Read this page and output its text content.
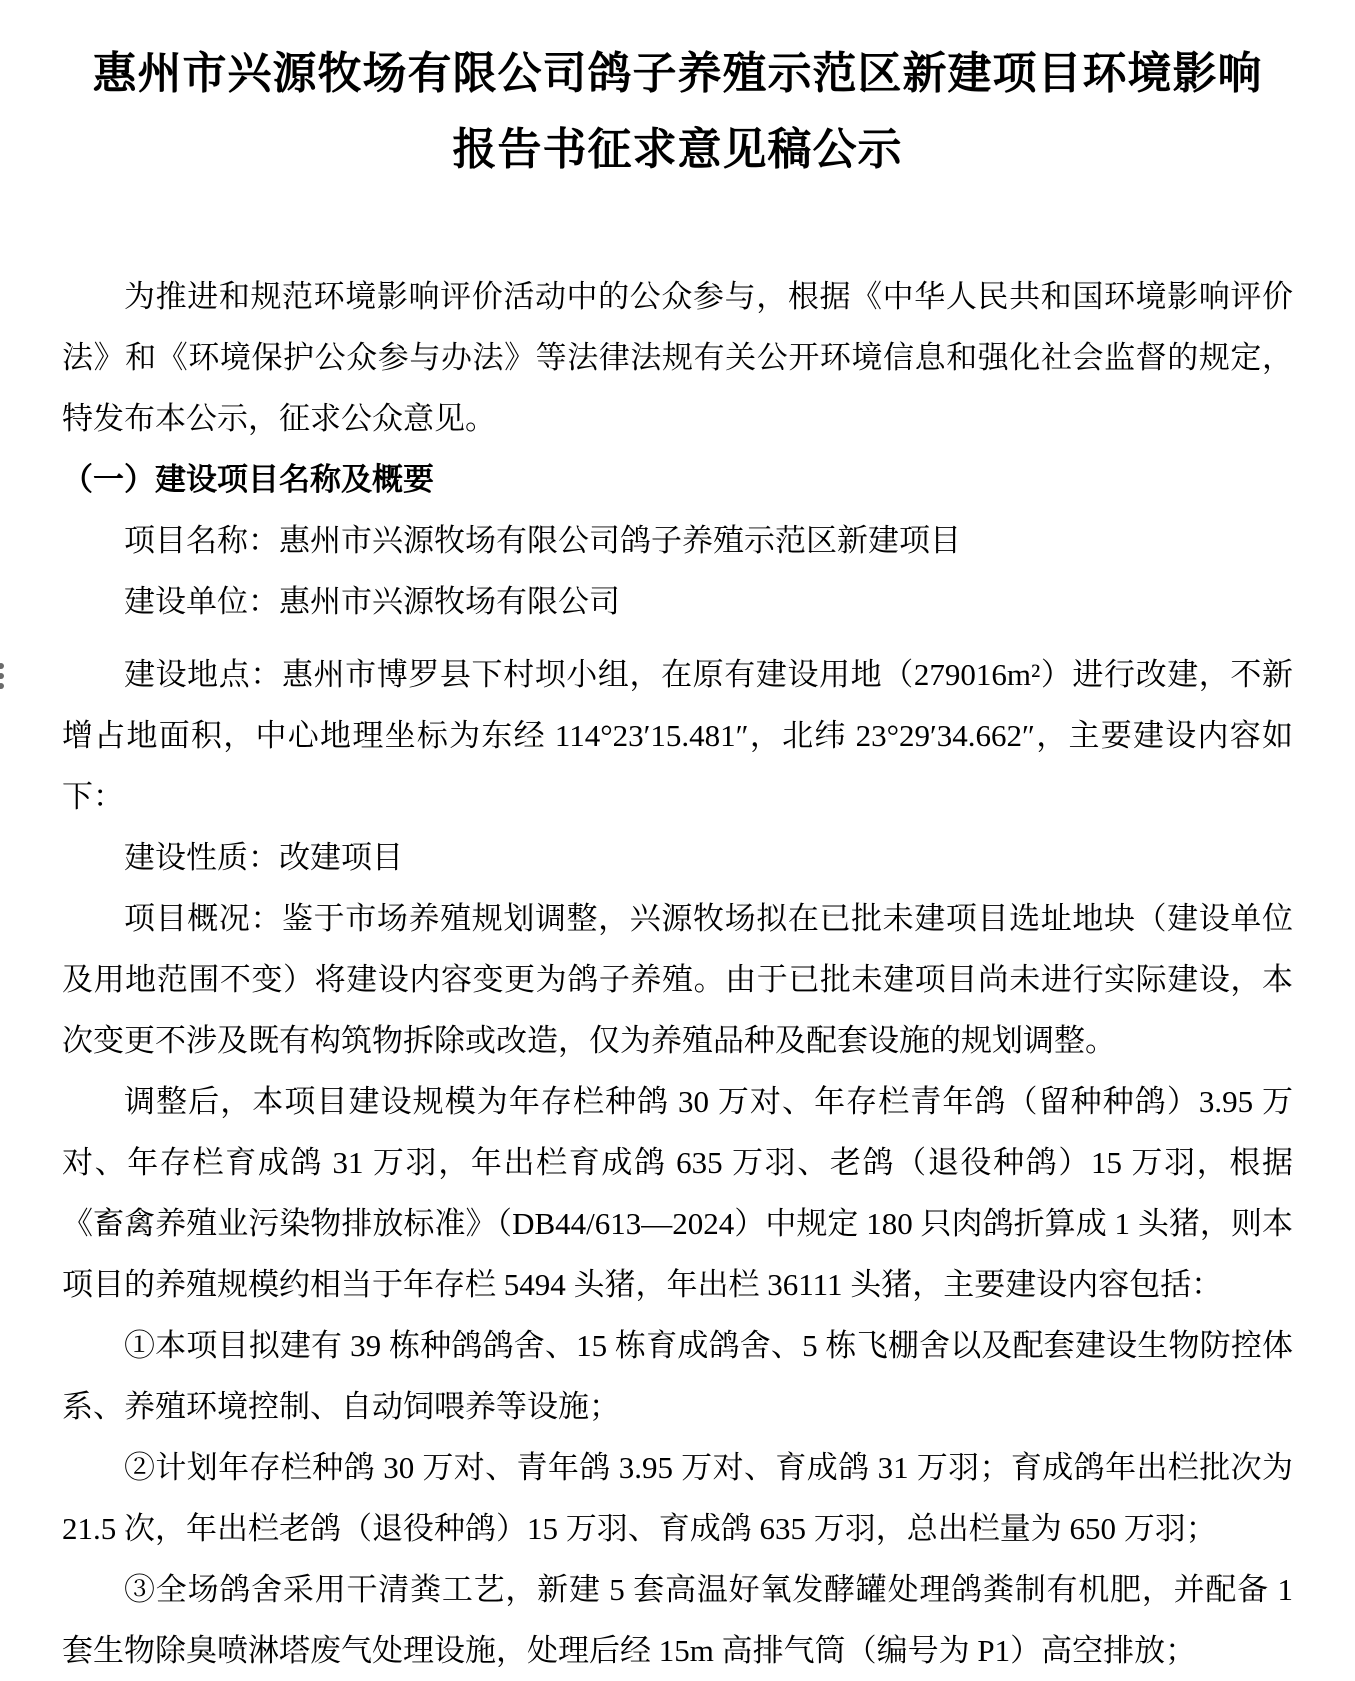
惠州市兴源牧场有限公司鸽子养殖示范区新建项目环境影响
报告书征求意见稿公示

为推进和规范环境影响评价活动中的公众参与，根据《中华人民共和国环境影响评价法》和《环境保护公众参与办法》等法律法规有关公开环境信息和强化社会监督的规定，特发布本公示，征求公众意见。

（一）建设项目名称及概要

项目名称：惠州市兴源牧场有限公司鸽子养殖示范区新建项目

建设单位：惠州市兴源牧场有限公司

建设地点：惠州市博罗县下村坝小组，在原有建设用地（279016m²）进行改建，不新增占地面积，中心地理坐标为东经 114°23′15.481″，北纬 23°29′34.662″，主要建设内容如下：

建设性质：改建项目

项目概况：鉴于市场养殖规划调整，兴源牧场拟在已批未建项目选址地块（建设单位及用地范围不变）将建设内容变更为鸽子养殖。由于已批未建项目尚未进行实际建设，本次变更不涉及既有构筑物拆除或改造，仅为养殖品种及配套设施的规划调整。

调整后，本项目建设规模为年存栏种鸽 30 万对、年存栏青年鸽（留种种鸽）3.95 万对、年存栏育成鸽 31 万羽，年出栏育成鸽 635 万羽、老鸽（退役种鸽）15 万羽，根据《畜禽养殖业污染物排放标准》（DB44/613—2024）中规定 180 只肉鸽折算成 1 头猪，则本项目的养殖规模约相当于年存栏 5494 头猪，年出栏 36111 头猪，主要建设内容包括：

①本项目拟建有 39 栋种鸽鸽舍、15 栋育成鸽舍、5 栋飞棚舍以及配套建设生物防控体系、养殖环境控制、自动饲喂养等设施；

②计划年存栏种鸽 30 万对、青年鸽 3.95 万对、育成鸽 31 万羽；育成鸽年出栏批次为 21.5 次，年出栏老鸽（退役种鸽）15 万羽、育成鸽 635 万羽，总出栏量为 650 万羽；

③全场鸽舍采用干清粪工艺，新建 5 套高温好氧发酵罐处理鸽粪制有机肥，并配备 1 套生物除臭喷淋塔废气处理设施，处理后经 15m 高排气筒（编号为 P1）高空排放；
